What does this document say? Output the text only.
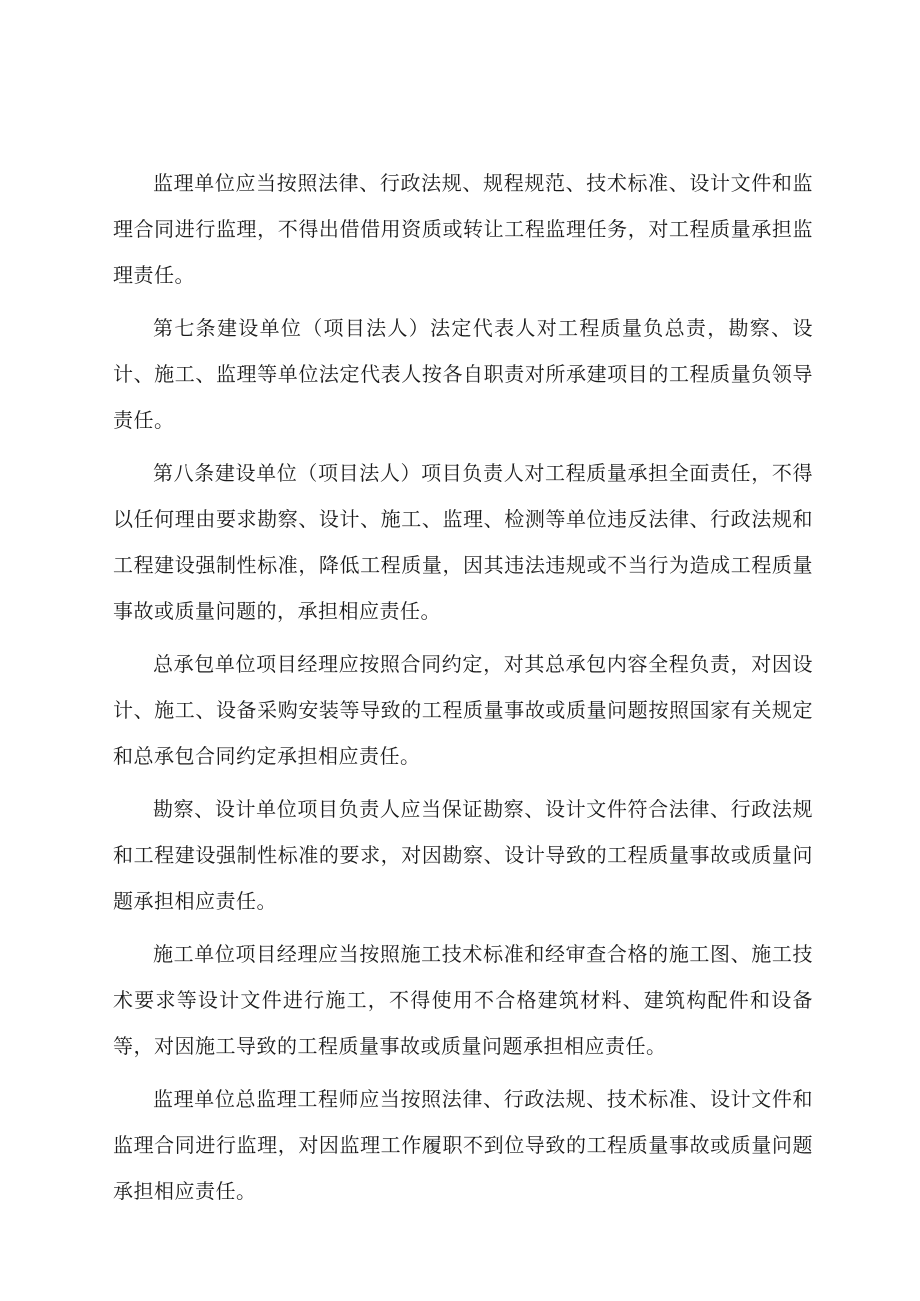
监理单位应当按照法律、行政法规、规程规范、技术标准、设计文件和监理合同进行监理，不得出借借用资质或转让工程监理任务，对工程质量承担监理责任。

第七条建设单位（项目法人）法定代表人对工程质量负总责，勘察、设计、施工、监理等单位法定代表人按各自职责对所承建项目的工程质量负领导责任。

第八条建设单位（项目法人）项目负责人对工程质量承担全面责任，不得以任何理由要求勘察、设计、施工、监理、检测等单位违反法律、行政法规和工程建设强制性标准，降低工程质量，因其违法违规或不当行为造成工程质量事故或质量问题的，承担相应责任。

总承包单位项目经理应按照合同约定，对其总承包内容全程负责，对因设计、施工、设备采购安装等导致的工程质量事故或质量问题按照国家有关规定和总承包合同约定承担相应责任。

勘察、设计单位项目负责人应当保证勘察、设计文件符合法律、行政法规和工程建设强制性标准的要求，对因勘察、设计导致的工程质量事故或质量问题承担相应责任。

施工单位项目经理应当按照施工技术标准和经审查合格的施工图、施工技术要求等设计文件进行施工，不得使用不合格建筑材料、建筑构配件和设备等，对因施工导致的工程质量事故或质量问题承担相应责任。

监理单位总监理工程师应当按照法律、行政法规、技术标准、设计文件和监理合同进行监理，对因监理工作履职不到位导致的工程质量事故或质量问题承担相应责任。
